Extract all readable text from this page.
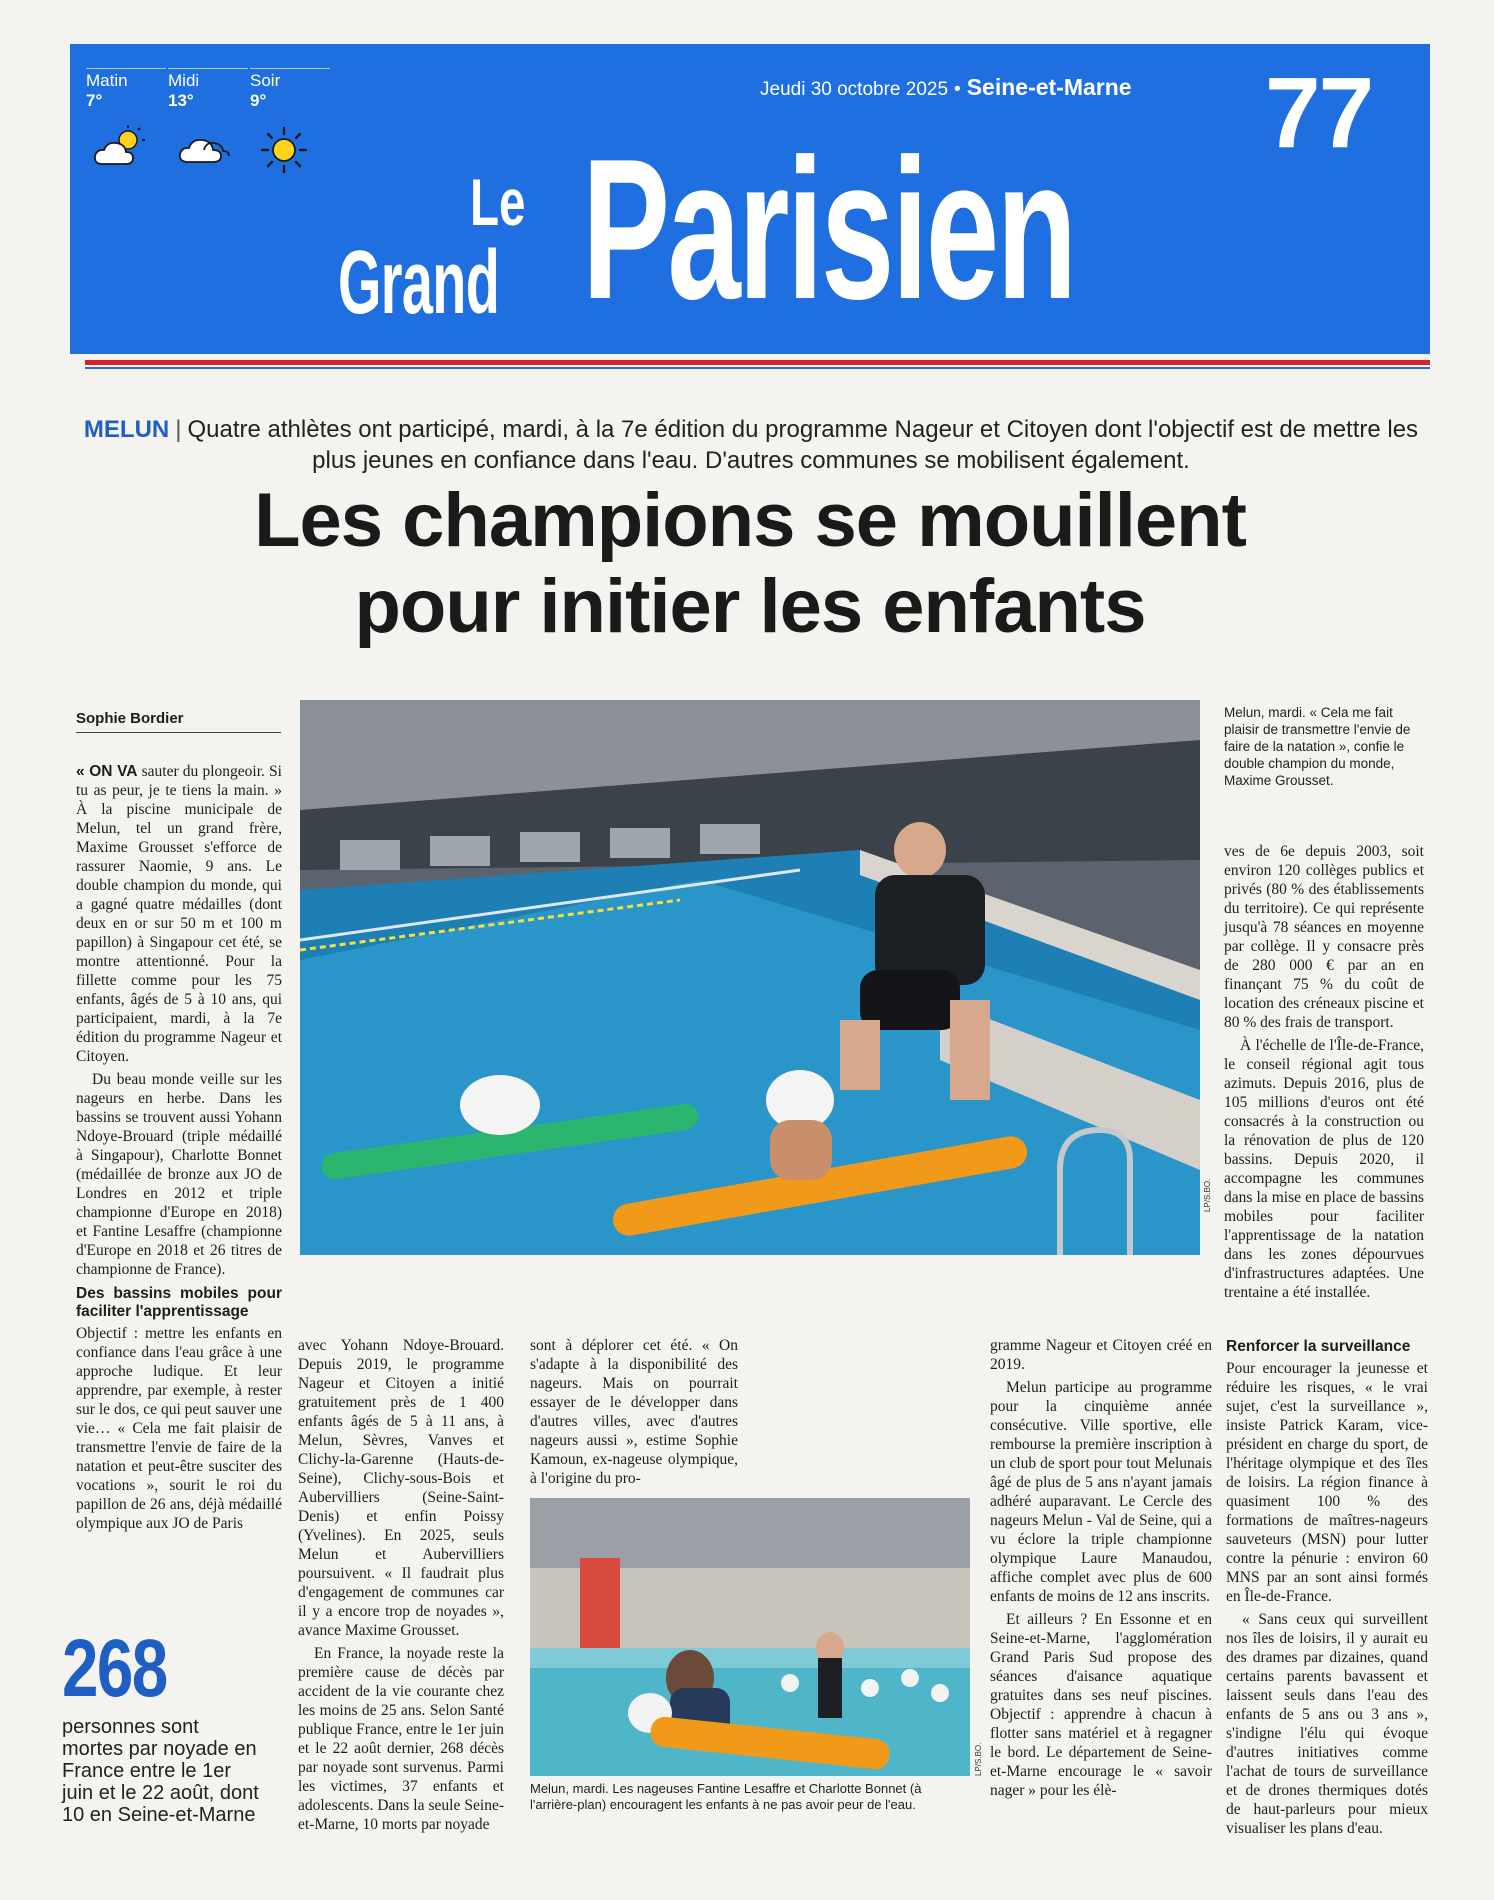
Matin
7°
Midi
13°
Soir
9°
Jeudi 30 octobre 2025 • Seine-et-Marne	77
Le
Grand Parisien
MELUN | Quatre athlètes ont participé, mardi, à la 7e édition du programme Nageur et Citoyen dont l'objectif est de mettre les plus jeunes en confiance dans l'eau. D'autres communes se mobilisent également.
Les champions se mouillent
pour initier les enfants
Sophie Bordier

« ON VA sauter du plongeoir. Si tu as peur, je te tiens la main. » À la piscine municipale de Melun, tel un grand frère, Maxime Grousset s'efforce de rassurer Naomie, 9 ans. Le double champion du monde, qui a gagné quatre médailles (dont deux en or sur 50 m et 100 m papillon) à Singapour cet été, se montre attentionné. Pour la fillette comme pour les 75 enfants, âgés de 5 à 10 ans, qui participaient, mardi, à la 7e édition du programme Nageur et Citoyen.

Du beau monde veille sur les nageurs en herbe. Dans les bassins se trouvent aussi Yohann Ndoye-Brouard (triple médaillé à Singapour), Charlotte Bonnet (médaillée de bronze aux JO de Londres en 2012 et triple championne d'Europe en 2018) et Fantine Lesaffre (championne d'Europe en 2018 et 26 titres de championne de France).

Des bassins mobiles pour faciliter l'apprentissage

Objectif : mettre les enfants en confiance dans l'eau grâce à une approche ludique. Et leur apprendre, par exemple, à rester sur le dos, ce qui peut sauver une vie… « Cela me fait plaisir de transmettre l'envie de faire de la natation et peut-être susciter des vocations », sourit le roi du papillon de 26 ans, déjà médaillé olympique aux JO de Paris

LP/S.BO.
Melun, mardi. « Cela me fait plaisir de transmettre l'envie de faire de la natation », confie le double champion du monde, Maxime Grousset.

ves de 6e depuis 2003, soit environ 120 collèges publics et privés (80 % des établissements du territoire). Ce qui représente jusqu'à 78 séances en moyenne par collège. Il y consacre près de 280 000 € par an en finançant 75 % du coût de location des créneaux piscine et 80 % des frais de transport.

À l'échelle de l'Île-de-France, le conseil régional agit tous azimuts. Depuis 2016, plus de 105 millions d'euros ont été consacrés à la construction ou la rénovation de plus de 120 bassins. Depuis 2020, il accompagne les communes dans la mise en place de bassins mobiles pour faciliter l'apprentissage de la natation dans les zones dépourvues d'infrastructures adaptées. Une trentaine a été installée.

avec Yohann Ndoye-Brouard. Depuis 2019, le programme Nageur et Citoyen a initié gratuitement près de 1 400 enfants âgés de 5 à 11 ans, à Melun, Sèvres, Vanves et Clichy-la-Garenne (Hauts-de-Seine), Clichy-sous-Bois et Aubervilliers (Seine-Saint-Denis) et enfin Poissy (Yvelines). En 2025, seuls Melun et Aubervilliers poursuivent. « Il faudrait plus d'engagement de communes car il y a encore trop de noyades », avance Maxime Grousset.

En France, la noyade reste la première cause de décès par accident de la vie courante chez les moins de 25 ans. Selon Santé publique France, entre le 1er juin et le 22 août dernier, 268 décès par noyade sont survenus. Parmi les victimes, 37 enfants et adolescents. Dans la seule Seine-et-Marne, 10 morts par noyade

sont à déplorer cet été. « On s'adapte à la disponibilité des nageurs. Mais on pourrait essayer de le développer dans d'autres villes, avec d'autres nageurs aussi », estime Sophie Kamoun, ex-nageuse olympique, à l'origine du pro-

gramme Nageur et Citoyen créé en 2019.

Melun participe au programme pour la cinquième année consécutive. Ville sportive, elle rembourse la première inscription à un club de sport pour tout Melunais âgé de plus de 5 ans n'ayant jamais adhéré auparavant. Le Cercle des nageurs Melun - Val de Seine, qui a vu éclore la triple championne olympique Laure Manaudou, affiche complet avec plus de 600 enfants de moins de 12 ans inscrits.

Et ailleurs ? En Essonne et en Seine-et-Marne, l'agglomération Grand Paris Sud propose des séances d'aisance aquatique gratuites dans ses neuf piscines. Objectif : apprendre à chacun à flotter sans matériel et à regagner le bord. Le département de Seine-et-Marne encourage le « savoir nager » pour les élè-

Renforcer la surveillance

Pour encourager la jeunesse et réduire les risques, « le vrai sujet, c'est la surveillance », insiste Patrick Karam, vice-président en charge du sport, de l'héritage olympique et des îles de loisirs. La région finance à quasiment 100 % des formations de maîtres-nageurs sauveteurs (MSN) pour lutter contre la pénurie : environ 60 MNS par an sont ainsi formés en Île-de-France.

« Sans ceux qui surveillent nos îles de loisirs, il y aurait eu des drames par dizaines, quand certains parents bavassent et laissent seuls dans l'eau des enfants de 5 ans ou 3 ans », s'indigne l'élu qui évoque d'autres initiatives comme l'achat de tours de surveillance et de drones thermiques dotés de haut-parleurs pour mieux visualiser les plans d'eau.

268
personnes sont mortes par noyade en France entre le 1er juin et le 22 août, dont 10 en Seine-et-Marne
LP/S.BO.
Melun, mardi. Les nageuses Fantine Lesaffre et Charlotte Bonnet (à l'arrière-plan) encouragent les enfants à ne pas avoir peur de l'eau.
